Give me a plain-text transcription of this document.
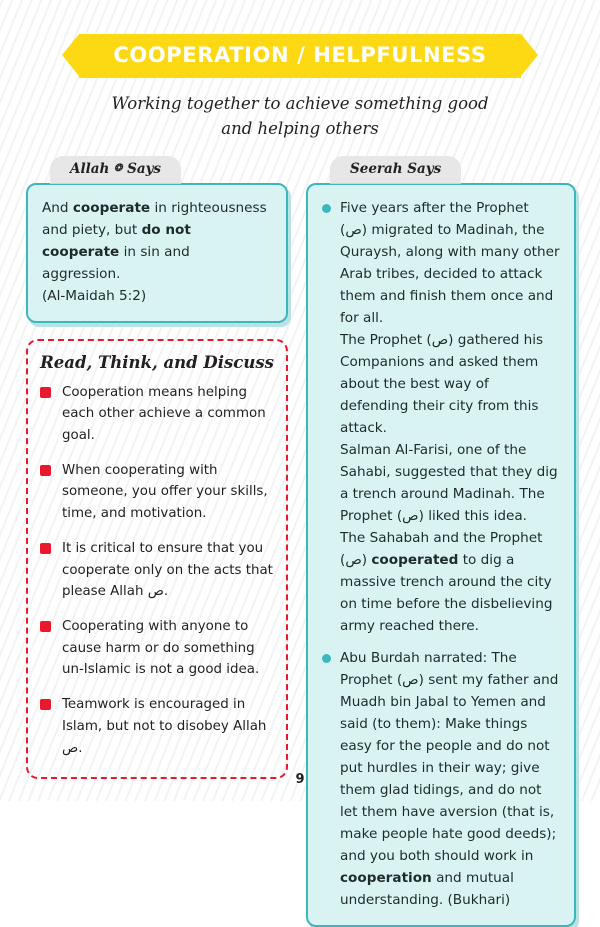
COOPERATION / HELPFULNESS
Working together to achieve something good
and helping others
Allah ❂ Says
And cooperate in righteousness and piety, but do not cooperate in sin and aggression.
(Al-Maidah 5:2)
Read, Think, and Discuss
Cooperation means helping each other achieve a common goal.
When cooperating with someone, you offer your skills, time, and motivation.
It is critical to ensure that you cooperate only on the acts that please Allah ص.
Cooperating with anyone to cause harm or do something un-Islamic is not a good idea.
Teamwork is encouraged in Islam, but not to disobey Allah ص.
Seerah Says
Five years after the Prophet (ص) migrated to Madinah, the Quraysh, along with many other Arab tribes, decided to attack them and finish them once and for all.
The Prophet (ص) gathered his Companions and asked them about the best way of defending their city from this attack.
Salman Al-Farisi, one of the Sahabi, suggested that they dig a trench around Madinah. The Prophet (ص) liked this idea.
The Sahabah and the Prophet (ص) cooperated to dig a massive trench around the city on time before the disbelieving army reached there.
Abu Burdah narrated: The Prophet (ص) sent my father and Muadh bin Jabal to Yemen and said (to them): Make things easy for the people and do not put hurdles in their way; give them glad tidings, and do not let them have aversion (that is, make people hate good deeds); and you both should work in cooperation and mutual understanding. (Bukhari)
9
